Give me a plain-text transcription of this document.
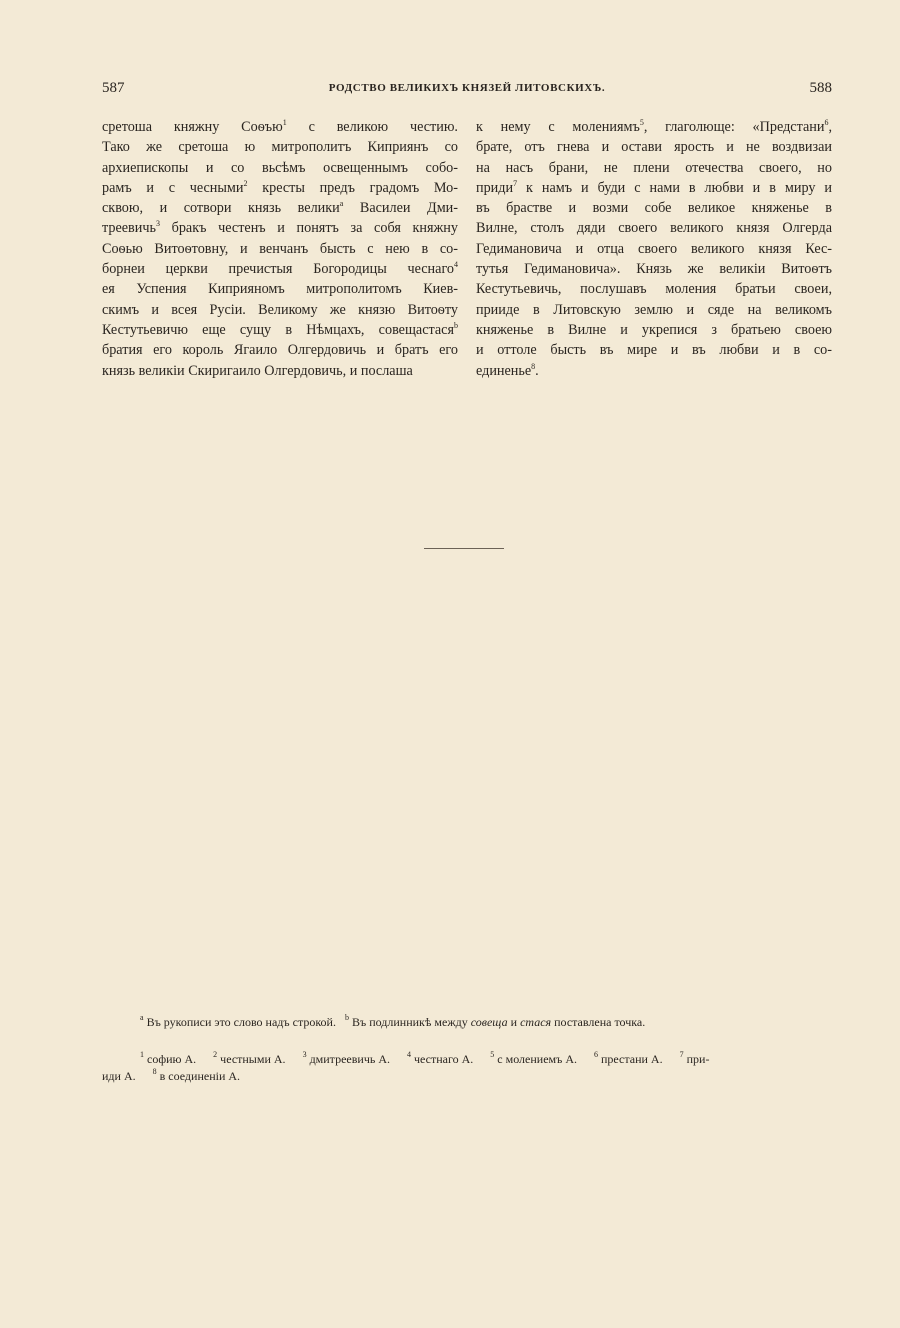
587	РОДСТВО ВЕЛИКИХЪ КНЯЗЕЙ ЛИТОВСКИХЪ.	588
сретоша княжну Соѳъю$^1$ с великою честию.
Тако же сретоша ю митрополитъ Киприянъ со
архиепископы и со вьсѣмъ освещеннымъ собо-
рамъ и с чесными$^2$ кресты предъ градомъ Мо-
сквою, и сотвори князь велики$^a$ Василеи Дми-
треевичь$^3$ бракъ честенъ и понятъ за собя княжну
Соѳью Витоѳтовну, и венчанъ бысть с нею в со-
борнеи церкви пречистыя Богородицы чеснаго$^4$
ея Успения Киприяномъ митрополитомъ Киев-
скимъ и всея Русіи. Великому же князю Витоѳту
Кестутьевичю еще сущу в Нѣмцахъ, совещастася$^b$
братия его король Ягаило Олгердовичь и братъ его
князь великіи Скиригаило Олгердовичь, и послаша
к нему с мoлениямъ$^5$, глаголюще: «Предстани$^6$,
брате, отъ гнева и остави ярость и не воздвизаи
на насъ брани, не плени отечества своего, но
приди$^7$ к намъ и буди с нами в любви и в миру и
въ брастве и возми собе великое княженье в
Вилне, столъ дяди своего великого князя Олгерда
Гедимановича и отца своего великого князя Кес-
тутья Гедимановича». Князь же великіи Витоѳтъ
Кестутьевичь, послушавъ моления братьи своеи,
прииде в Литовскую землю и сяде на великомъ
княженье в Вилне и укрепися з братьею своею
и оттоле бысть въ мире и въ любви и в со-
единенье$^8$.
$^a$ Въ рукописи это слово надъ строкой. $^b$ Въ подлинникѣ между совеща и стася поставлена точка.
$^1$ софию А. $^2$ честными А. $^3$ дмитреевичь А. $^4$ честнаго А. $^5$ с молениемъ А. $^6$ престани А. $^7$ при-
иди А. $^8$ в соединеніи А.
